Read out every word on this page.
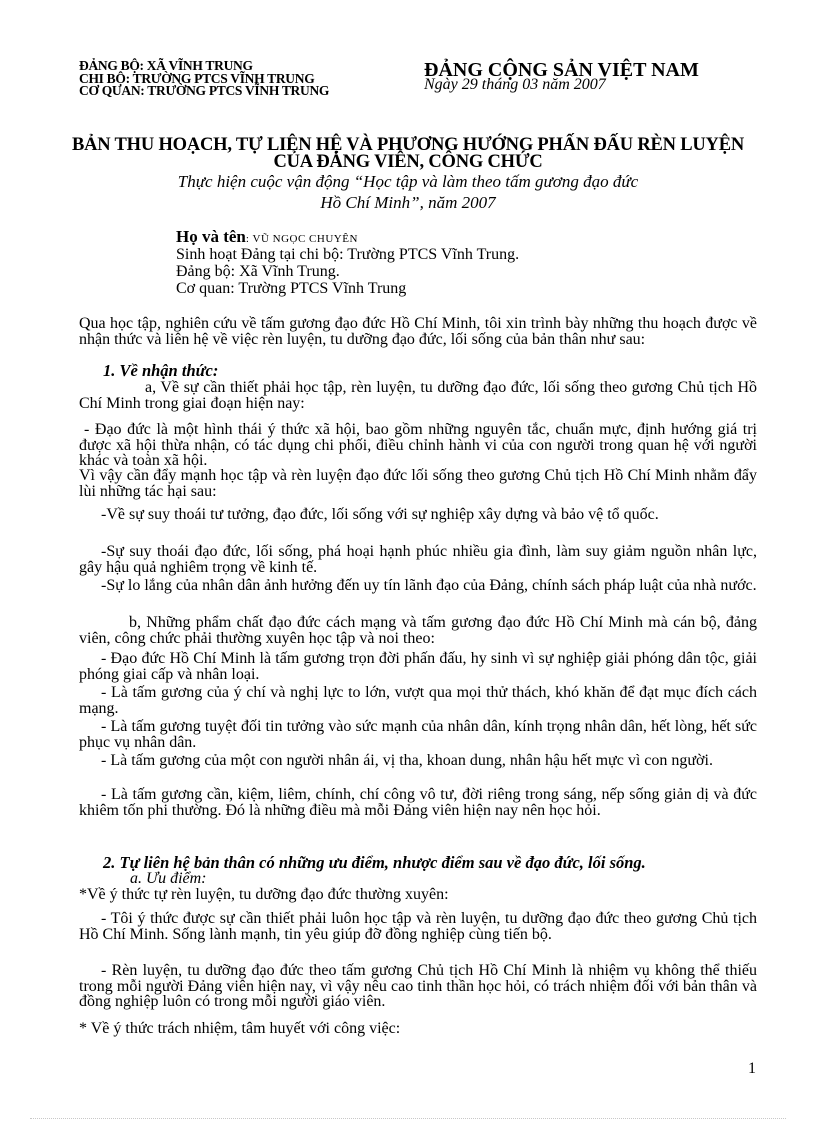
ĐẢNG BỘ: XÃ VĨNH TRUNG
CHI BỘ: TRƯỜNG PTCS VĨNH TRUNG
CƠ QUAN: TRƯỜNG PTCS VĨNH TRUNG
ĐẢNG CỘNG SẢN VIỆT NAM
Ngày 29 tháng 03 năm 2007
BẢN THU HOẠCH, TỰ LIÊN HỆ VÀ PHƯƠNG HƯỚNG PHẤN ĐẤU RÈN LUYỆN
CỦA ĐẢNG VIÊN, CÔNG CHỨC
Thực hiện cuộc vận động “Học tập và làm theo tấm gương đạo đức
Hồ Chí Minh”, năm 2007
Họ và tên: VŨ NGỌC CHUYÊN
Sinh hoạt Đảng tại chi bộ: Trường PTCS Vĩnh Trung.
Đảng bộ: Xã Vĩnh Trung.
Cơ quan: Trường PTCS Vĩnh Trung

Qua học tập, nghiên cứu về tấm gương đạo đức Hồ Chí Minh, tôi xin trình bày những thu hoạch được về nhận thức và liên hệ về việc rèn luyện, tu dưỡng đạo đức, lối sống của bản thân như sau:

1. Về nhận thức:

a, Về sự cần thiết phải học tập, rèn luyện, tu dưỡng đạo đức, lối sống theo gương Chủ tịch Hồ Chí Minh trong giai đoạn hiện nay:

- Đạo đức là một hình thái ý thức xã hội, bao gồm những nguyên tắc, chuẩn mực, định hướng giá trị được xã hội thừa nhận, có tác dụng chi phối, điều chỉnh hành vi của con người trong quan hệ với người khác và toàn xã hội.

Vì vậy cần đẩy mạnh học tập và rèn luyện đạo đức lối sống theo gương Chủ tịch Hồ Chí Minh nhằm đẩy lùi những tác hại sau:

-Về sự suy thoái tư tưởng, đạo đức, lối sống với sự nghiệp xây dựng và bảo vệ tổ quốc.

-Sự suy thoái đạo đức, lối sống, phá hoại hạnh phúc nhiều gia đình, làm suy giảm nguồn nhân lực, gây hậu quả nghiêm trọng về kinh tế.

-Sự lo lắng của nhân dân ảnh hưởng đến uy tín lãnh đạo của Đảng, chính sách pháp luật của nhà nước.

b, Những phẩm chất đạo đức cách mạng và tấm gương đạo đức Hồ Chí Minh mà cán bộ, đảng viên, công chức phải thường xuyên học tập và noi theo:

- Đạo đức Hồ Chí Minh là tấm gương trọn đời phấn đấu, hy sinh vì sự nghiệp giải phóng dân tộc, giải phóng giai cấp và nhân loại.

- Là tấm gương của ý chí và nghị lực to lớn, vượt qua mọi thử thách, khó khăn để đạt mục đích cách mạng.

- Là tấm gương tuyệt đối tin tưởng vào sức mạnh của nhân dân, kính trọng nhân dân, hết lòng, hết sức phục vụ nhân dân.

- Là tấm gương của một con người nhân ái, vị tha, khoan dung, nhân hậu hết mực vì con người.

- Là tấm gương cần, kiệm, liêm, chính, chí công vô tư, đời riêng trong sáng, nếp sống giản dị và đức khiêm tốn phi thường. Đó là những điều mà mỗi Đảng viên hiện nay nên học hỏi.

2. Tự liên hệ bản thân có những ưu điểm, nhược điểm sau về đạo đức, lối sống.
a. Ưu điểm:

*Về ý thức tự rèn luyện, tu dưỡng đạo đức thường xuyên:

- Tôi ý thức được sự cần thiết phải luôn học tập và rèn luyện, tu dưỡng đạo đức theo gương Chủ tịch Hồ Chí Minh. Sống lành mạnh, tin yêu giúp đỡ đồng nghiệp cùng tiến bộ.

- Rèn luyện, tu dưỡng đạo đức theo tấm gương Chủ tịch Hồ Chí Minh là nhiệm vụ không thể thiếu trong mỗi người Đảng viên hiện nay, vì vậy nêu cao tinh thần học hỏi, có trách nhiệm đối với bản thân và đồng nghiệp luôn có trong mỗi người giáo viên.

* Về ý thức trách nhiệm, tâm huyết với công việc:

1
